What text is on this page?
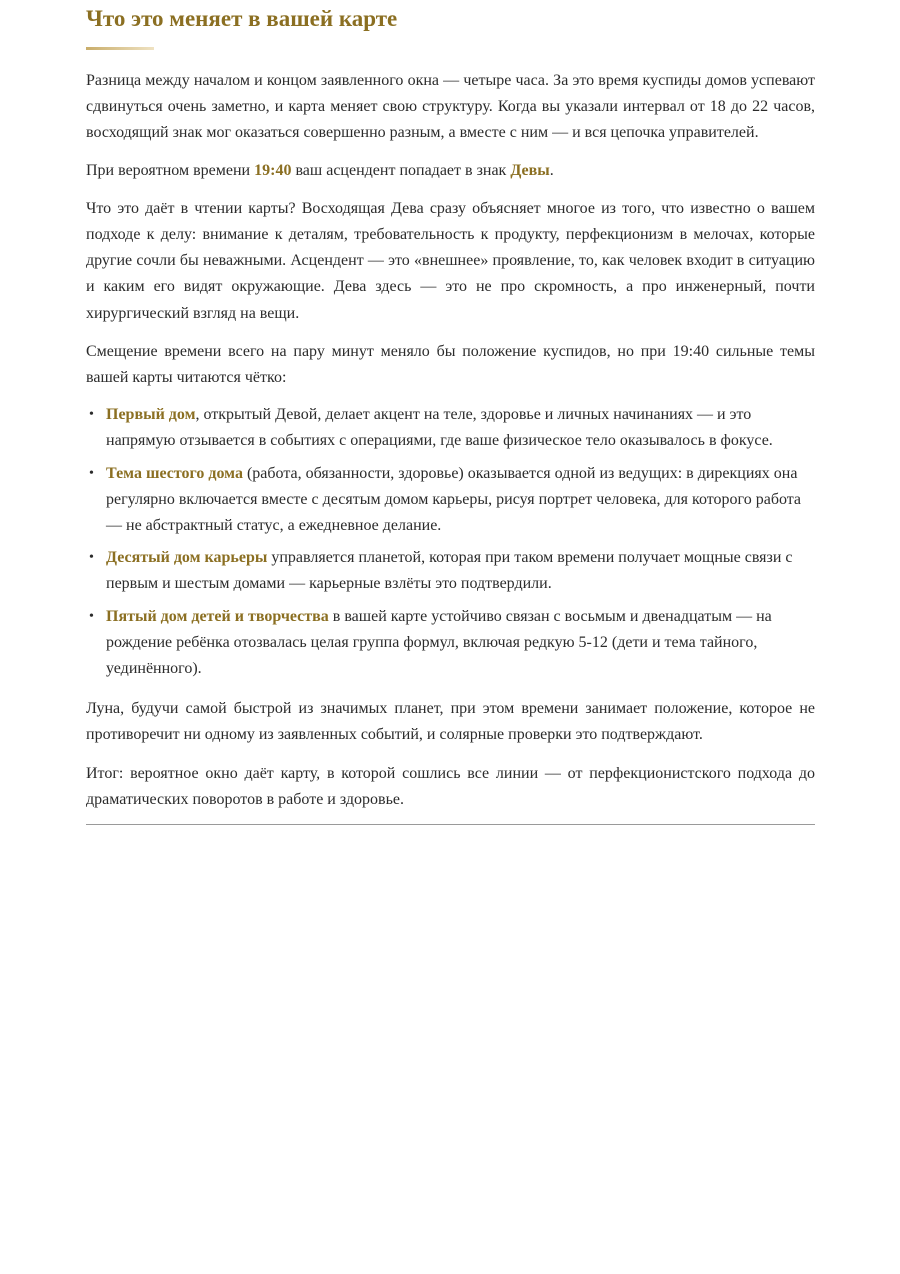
Что это меняет в вашей карте

Разница между началом и концом заявленного окна — четыре часа. За это время куспиды домов успевают сдвинуться очень заметно, и карта меняет свою структуру. Когда вы указали интервал от 18 до 22 часов, восходящий знак мог оказаться совершенно разным, а вместе с ним — и вся цепочка управителей.

При вероятном времени 19:40 ваш асцендент попадает в знак Девы.

Что это даёт в чтении карты? Восходящая Дева сразу объясняет многое из того, что известно о вашем подходе к делу: внимание к деталям, требовательность к продукту, перфекционизм в мелочах, которые другие сочли бы неважными. Асцендент — это «внешнее» проявление, то, как человек входит в ситуацию и каким его видят окружающие. Дева здесь — это не про скромность, а про инженерный, почти хирургический взгляд на вещи.

Смещение времени всего на пару минут меняло бы положение куспидов, но при 19:40 сильные темы вашей карты читаются чётко:

• Первый дом, открытый Девой, делает акцент на теле, здоровье и личных начинаниях — и это напрямую отзывается в событиях с операциями, где ваше физическое тело оказывалось в фокусе.
• Тема шестого дома (работа, обязанности, здоровье) оказывается одной из ведущих: в дирекциях она регулярно включается вместе с десятым домом карьеры, рисуя портрет человека, для которого работа — не абстрактный статус, а ежедневное делание.
• Десятый дом карьеры управляется планетой, которая при таком времени получает мощные связи с первым и шестым домами — карьерные взлёты это подтвердили.
• Пятый дом детей и творчества в вашей карте устойчиво связан с восьмым и двенадцатым — на рождение ребёнка отозвалась целая группа формул, включая редкую 5-12 (дети и тема тайного, уединённого).

Луна, будучи самой быстрой из значимых планет, при этом времени занимает положение, которое не противоречит ни одному из заявленных событий, и солярные проверки это подтверждают.

Итог: вероятное окно даёт карту, в которой сошлись все линии — от перфекционистского подхода до драматических поворотов в работе и здоровье.
